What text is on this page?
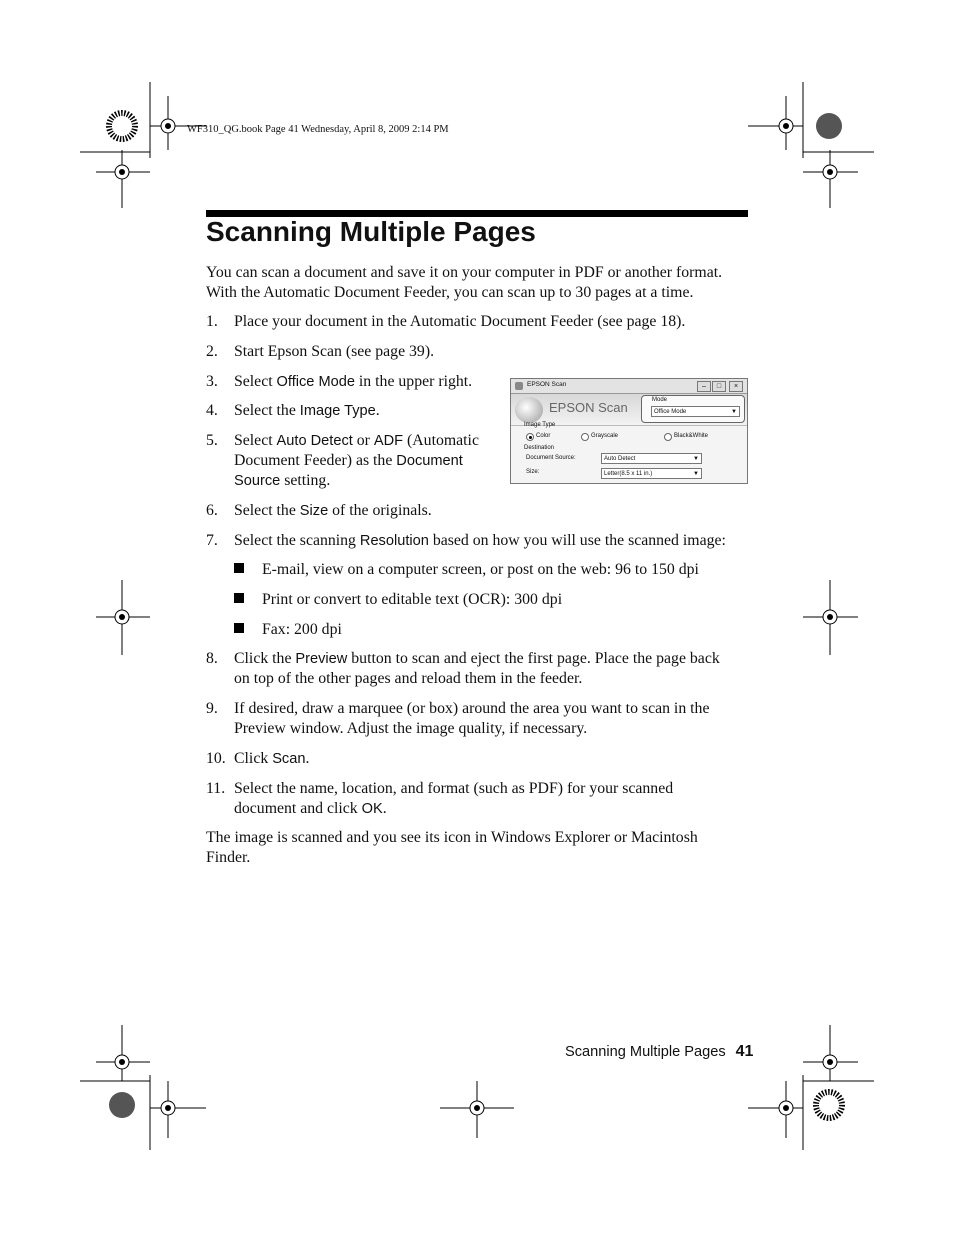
WF310_QG.book Page 41 Wednesday, April 8, 2009 2:14 PM
Scanning Multiple Pages
You can scan a document and save it on your computer in PDF or another format. With the Automatic Document Feeder, you can scan up to 30 pages at a time.
1. Place your document in the Automatic Document Feeder (see page 18).
2. Start Epson Scan (see page 39).
3. Select Office Mode in the upper right.
4. Select the Image Type.
5. Select Auto Detect or ADF (Automatic
Document Feeder) as the Document
Source setting.
6. Select the Size of the originals.
7. Select the scanning Resolution based on how you will use the scanned image:
E-mail, view on a computer screen, or post on the web: 96 to 150 dpi
Print or convert to editable text (OCR): 300 dpi
Fax: 200 dpi
8. Click the Preview button to scan and eject the first page. Place the page back
on top of the other pages and reload them in the feeder.
9. If desired, draw a marquee (or box) around the area you want to scan in the
Preview window. Adjust the image quality, if necessary.
10. Click Scan.
11. Select the name, location, and format (such as PDF) for your scanned
document and click OK.
The image is scanned and you see its icon in Windows Explorer or Macintosh Finder.
EPSON Scan	–	□	×
EPSON Scan	Mode
Office Mode	▼
Image Type
Color	Grayscale	Black&White
Destination
Document Source:	Auto Detect	▼
Size:	Letter(8.5 x 11 in.)	▼
Scanning Multiple Pages 41
